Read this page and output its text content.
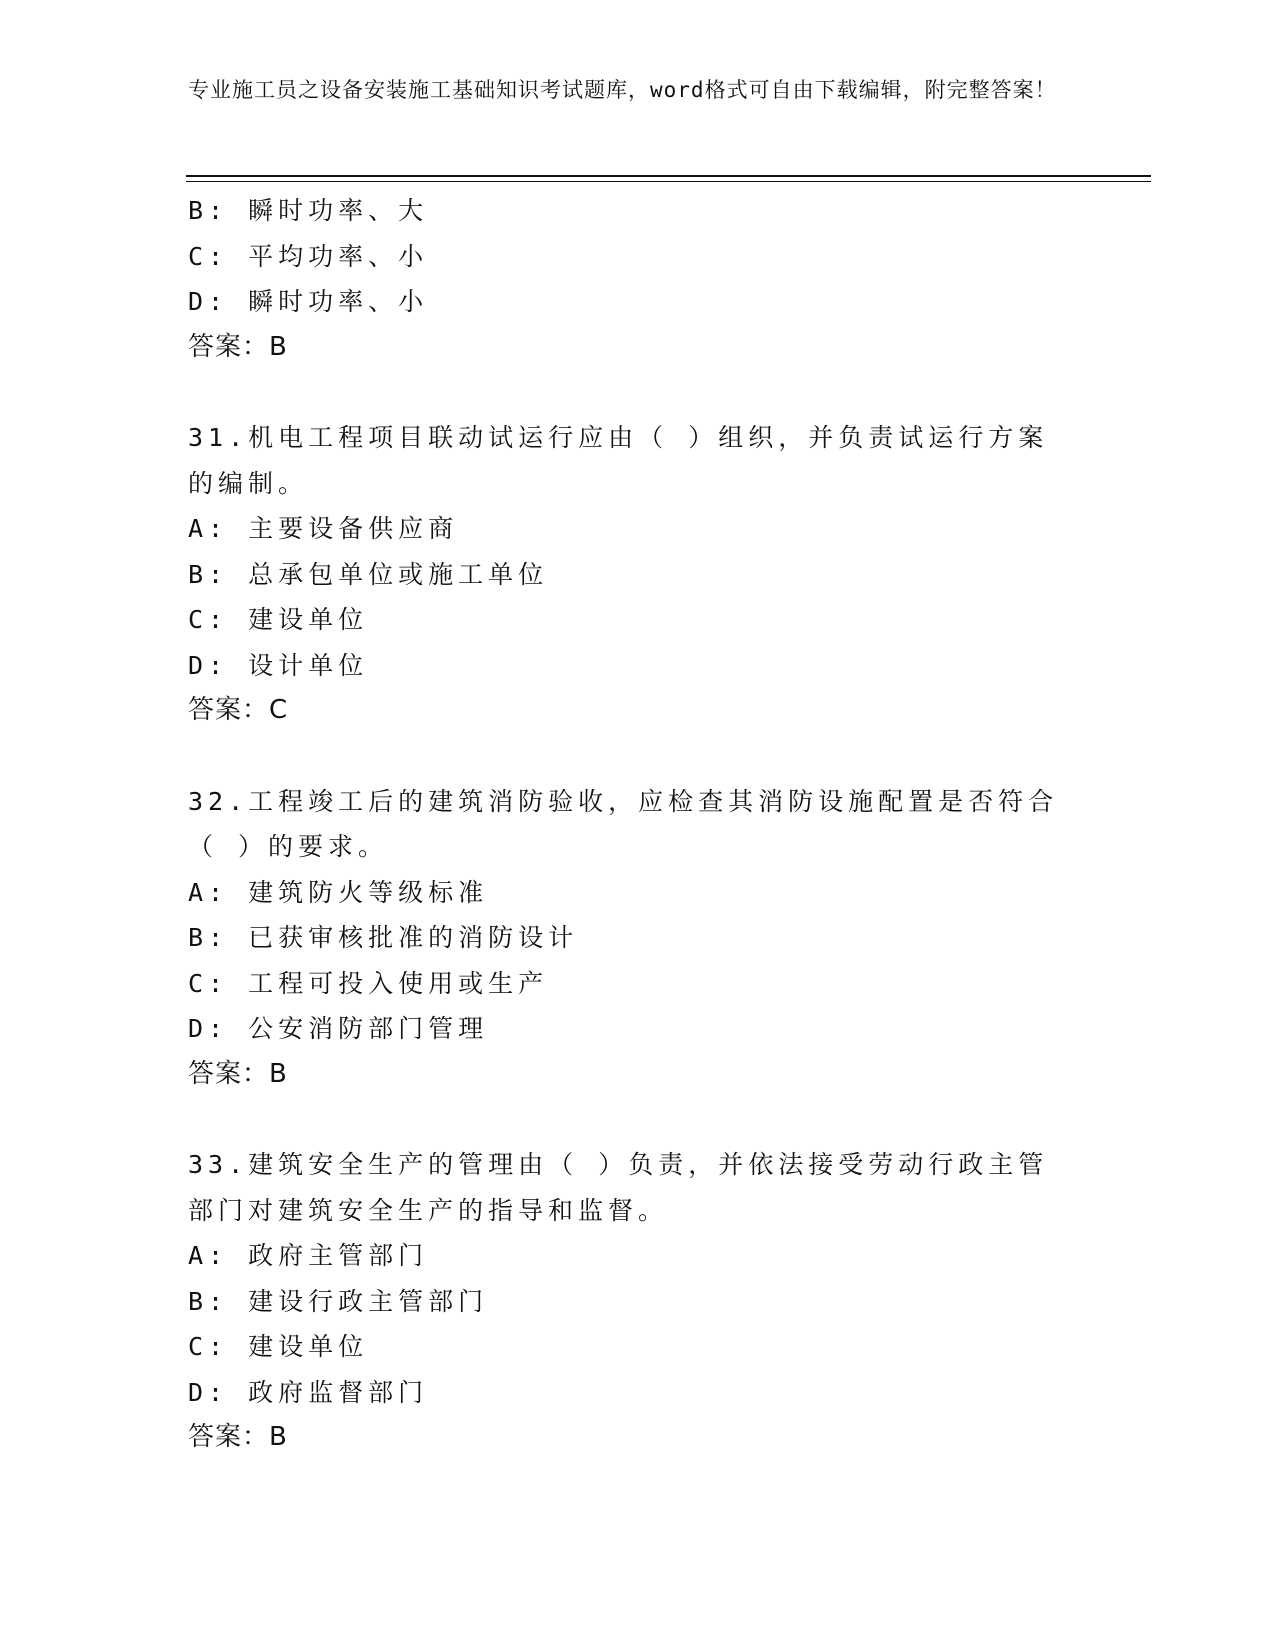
专业施工员之设备安装施工基础知识考试题库，word格式可自由下载编辑，附完整答案！
B: 瞬时功率、大
C: 平均功率、小
D: 瞬时功率、小
答案：B
31.机电工程项目联动试运行应由（ ）组织，并负责试运行方案的编制。
A: 主要设备供应商
B: 总承包单位或施工单位
C: 建设单位
D: 设计单位
答案：C
32.工程竣工后的建筑消防验收，应检查其消防设施配置是否符合（ ）的要求。
A: 建筑防火等级标准
B: 已获审核批准的消防设计
C: 工程可投入使用或生产
D: 公安消防部门管理
答案：B
33.建筑安全生产的管理由（ ）负责，并依法接受劳动行政主管部门对建筑安全生产的指导和监督。
A: 政府主管部门
B: 建设行政主管部门
C: 建设单位
D: 政府监督部门
答案：B
